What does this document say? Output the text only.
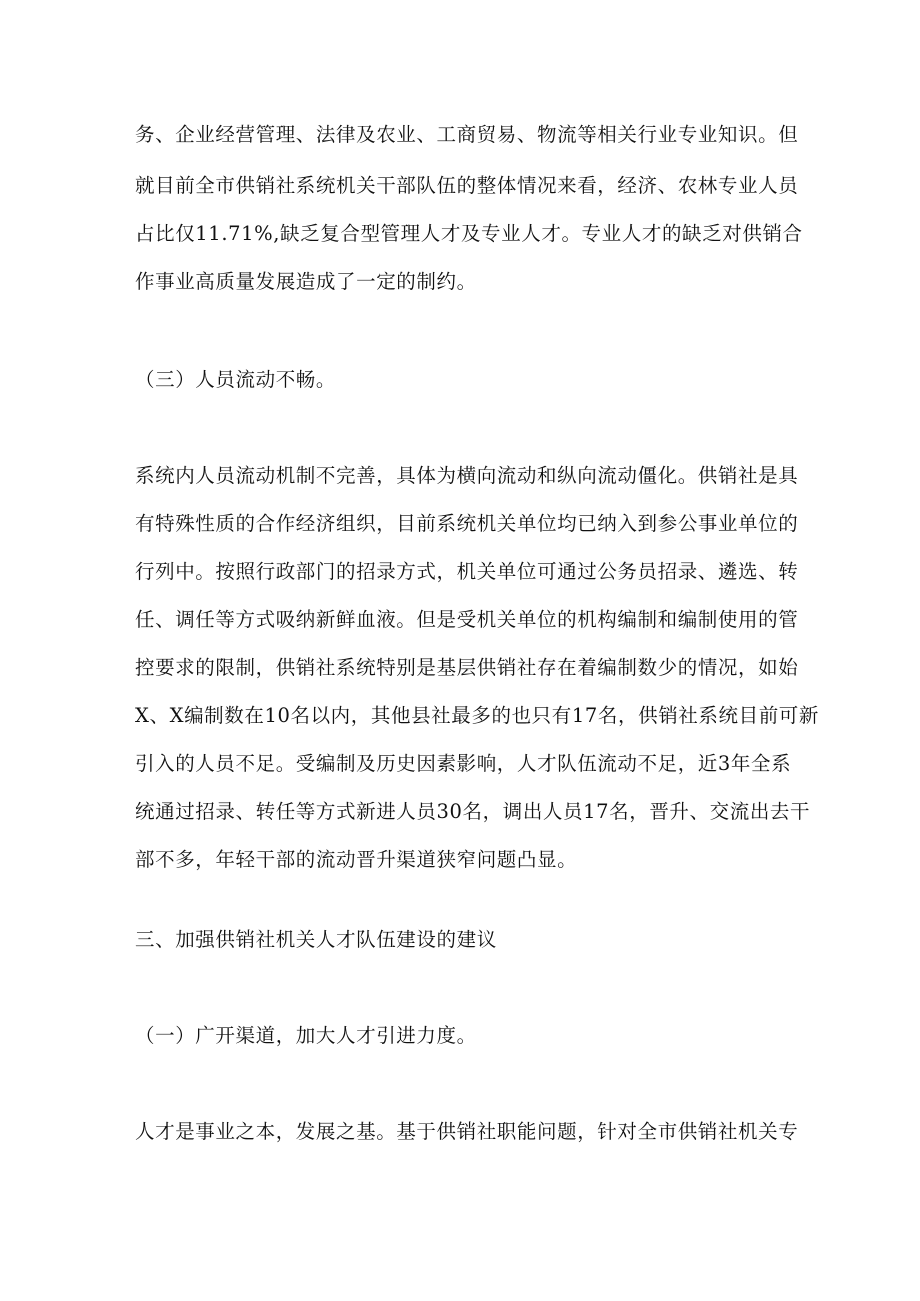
务、企业经营管理、法律及农业、工商贸易、物流等相关行业专业知识。但
就目前全市供销社系统机关干部队伍的整体情况来看，经济、农林专业人员
占比仅11.71%,缺乏复合型管理人才及专业人才。专业人才的缺乏对供销合
作事业高质量发展造成了一定的制约。
（三）人员流动不畅。
系统内人员流动机制不完善，具体为横向流动和纵向流动僵化。供销社是具
有特殊性质的合作经济组织，目前系统机关单位均已纳入到参公事业单位的
行列中。按照行政部门的招录方式，机关单位可通过公务员招录、遴选、转
任、调任等方式吸纳新鲜血液。但是受机关单位的机构编制和编制使用的管
控要求的限制，供销社系统特别是基层供销社存在着编制数少的情况，如始
X、X编制数在10名以内，其他县社最多的也只有17名，供销社系统目前可新
引入的人员不足。受编制及历史因素影响，人才队伍流动不足，近3年全系
统通过招录、转任等方式新进人员30名，调出人员17名，晋升、交流出去干
部不多，年轻干部的流动晋升渠道狭窄问题凸显。
三、加强供销社机关人才队伍建设的建议
（一）广开渠道，加大人才引进力度。
人才是事业之本，发展之基。基于供销社职能问题，针对全市供销社机关专
